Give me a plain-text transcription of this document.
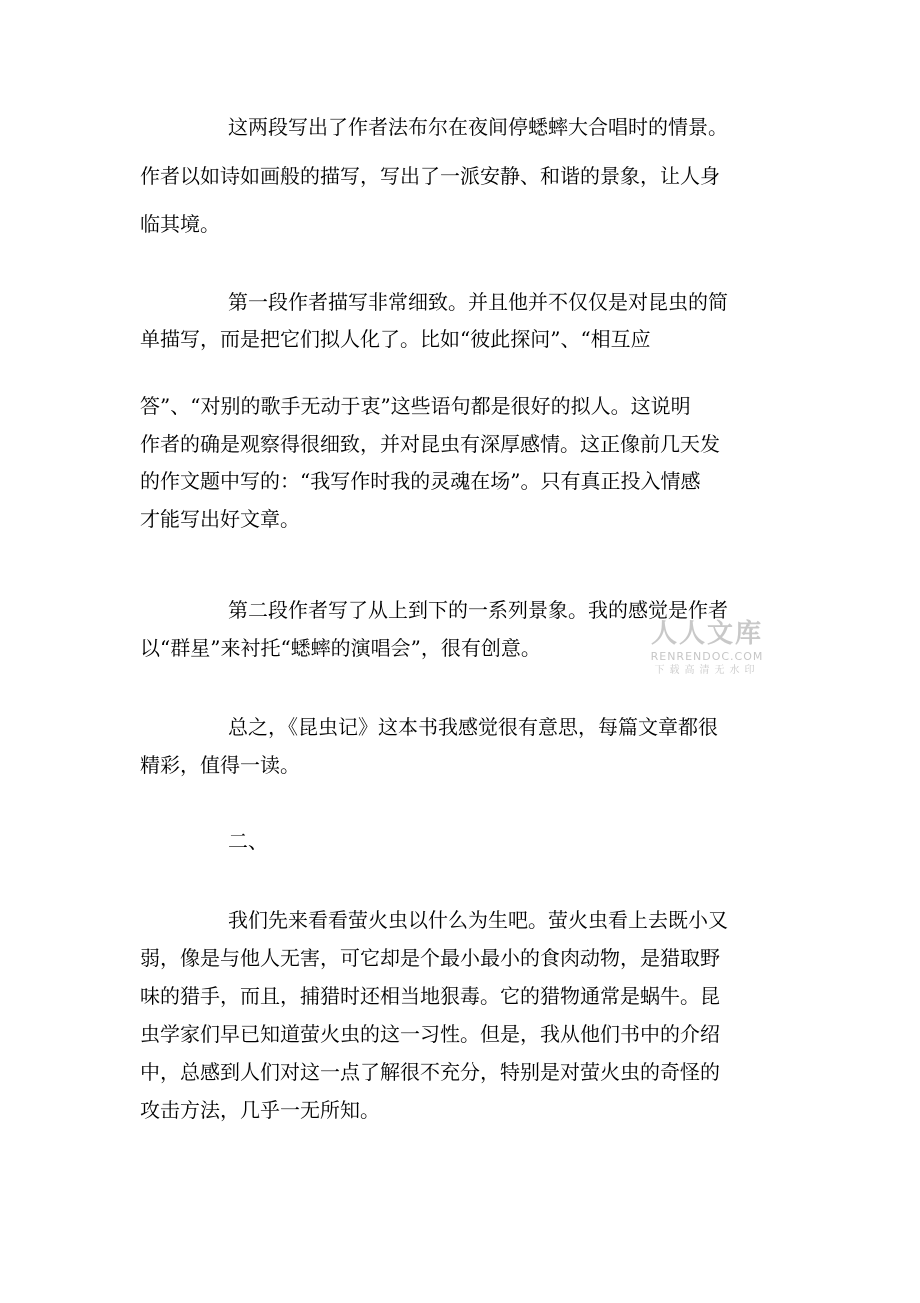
这两段写出了作者法布尔在夜间停蟋蟀大合唱时的情景。

作者以如诗如画般的描写，写出了一派安静、和谐的景象，让人身

临其境。

第一段作者描写非常细致。并且他并不仅仅是对昆虫的简

单描写，而是把它们拟人化了。比如“彼此探问”、“相互应

答”、“对别的歌手无动于衷”这些语句都是很好的拟人。这说明

作者的确是观察得很细致，并对昆虫有深厚感情。这正像前几天发

的作文题中写的：“我写作时我的灵魂在场”。只有真正投入情感

才能写出好文章。

第二段作者写了从上到下的一系列景象。我的感觉是作者

以“群星”来衬托“蟋蟀的演唱会”，很有创意。

总之，《昆虫记》这本书我感觉很有意思，每篇文章都很

精彩，值得一读。

二、

我们先来看看萤火虫以什么为生吧。萤火虫看上去既小又

弱，像是与他人无害，可它却是个最小最小的食肉动物，是猎取野

味的猎手，而且，捕猎时还相当地狠毒。它的猎物通常是蜗牛。昆

虫学家们早已知道萤火虫的这一习性。但是，我从他们书中的介绍

中，总感到人们对这一点了解很不充分，特别是对萤火虫的奇怪的

攻击方法，几乎一无所知。

人人文库
RENRENDOC.COM
下载高清无水印
